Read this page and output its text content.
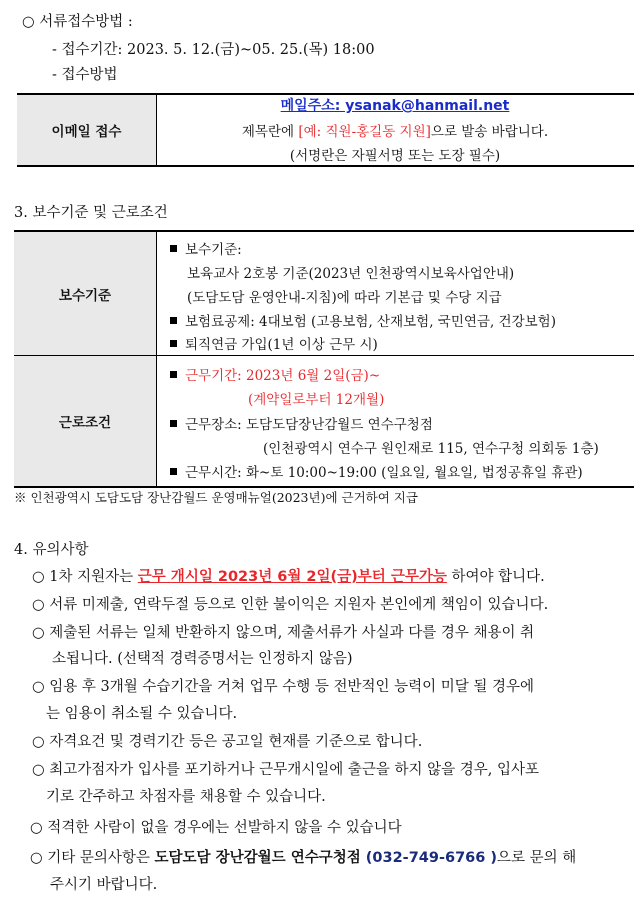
○ 서류접수방법 :
- 접수기간: 2023. 5. 12.(금)~05. 25.(목) 18:00
- 접수방법
이메일 접수
메일주소: ysanak@hanmail.net
제목란에 [예: 직원-홍길동 지원]으로 발송 바랍니다.
(서명란은 자필서명 또는 도장 필수)
3. 보수기준 및 근로조건
보수기준
근로조건
보수기준:
보육교사 2호봉 기준(2023년 인천광역시보육사업안내)
(도담도담 운영안내-지침)에 따라 기본급 및 수당 지급
보험료공제: 4대보험 (고용보험, 산재보험, 국민연금, 건강보험)
퇴직연금 가입(1년 이상 근무 시)
근무기간: 2023년 6월 2일(금)~
(계약일로부터 12개월)
근무장소: 도담도담장난감월드 연수구청점
(인천광역시 연수구 원인재로 115, 연수구청 의회동 1층)
근무시간: 화~토 10:00~19:00 (일요일, 월요일, 법정공휴일 휴관)
※ 인천광역시 도담도담 장난감월드 운영매뉴얼(2023년)에 근거하여 지급
4. 유의사항
○ 1차 지원자는 근무 개시일 2023년 6월 2일(금)부터 근무가능 하여야 합니다.
○ 서류 미제출, 연락두절 등으로 인한 불이익은 지원자 본인에게 책임이 있습니다.
○ 제출된 서류는 일체 반환하지 않으며, 제출서류가 사실과 다를 경우 채용이 취
소됩니다. (선택적 경력증명서는 인정하지 않음)
○ 임용 후 3개월 수습기간을 거쳐 업무 수행 등 전반적인 능력이 미달 될 경우에
는 임용이 취소될 수 있습니다.
○ 자격요건 및 경력기간 등은 공고일 현재를 기준으로 합니다.
○ 최고가점자가 입사를 포기하거나 근무개시일에 출근을 하지 않을 경우, 입사포
기로 간주하고 차점자를 채용할 수 있습니다.
○ 적격한 사람이 없을 경우에는 선발하지 않을 수 있습니다
○ 기타 문의사항은 도담도담 장난감월드 연수구청점 (032-749-6766 )으로 문의 해
주시기 바랍니다.
